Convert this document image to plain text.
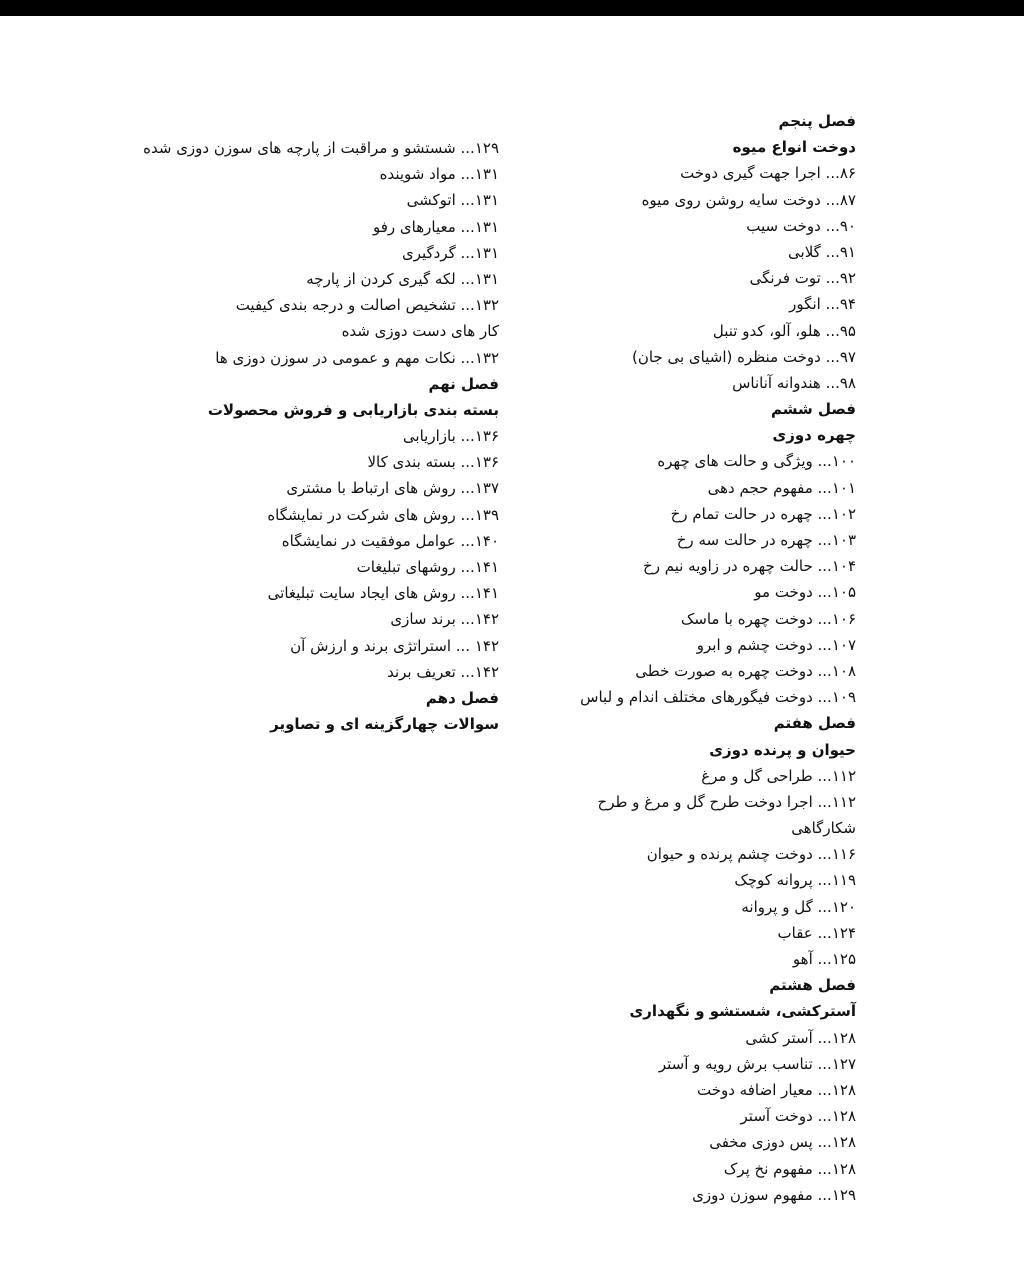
فصل پنجم
دوخت انواع میوه
۸۶... اجرا جهت گیری دوخت
۸۷... دوخت سایه روشن روی میوه
۹۰... دوخت سیب
۹۱... گلابی
۹۲... توت فرنگی
۹۴... انگور
۹۵... هلو، آلو، کدو تنبل
۹۷... دوخت منظره (اشیای بی جان)
۹۸... هندوانه آناناس
فصل ششم
چهره دوزی
۱۰۰... ویژگی و حالت های چهره
۱۰۱... مفهوم حجم دهی
۱۰۲... چهره در حالت تمام رخ
۱۰۳... چهره در حالت سه رخ
۱۰۴... حالت چهره در زاویه نیم رخ
۱۰۵... دوخت مو
۱۰۶... دوخت چهره با ماسک
۱۰۷... دوخت چشم و ابرو
۱۰۸... دوخت چهره به صورت خطی
۱۰۹... دوخت فیگورهای مختلف اندام و لباس
فصل هفتم
حیوان و پرنده دوزی
۱۱۲... طراحی گل و مرغ
۱۱۲... اجرا دوخت طرح گل و مرغ و طرح
شکارگاهی
۱۱۶... دوخت چشم پرنده و حیوان
۱۱۹... پروانه کوچک
۱۲۰... گل و پروانه
۱۲۴... عقاب
۱۲۵... آهو
فصل هشتم
آسترکشی، شستشو و نگهداری
۱۲۸... آستر کشی
۱۲۷... تناسب برش رویه و آستر
۱۲۸... معیار اضافه دوخت
۱۲۸... دوخت آستر
۱۲۸... پس دوزی مخفی
۱۲۸... مفهوم نخ پرک
۱۲۹... مفهوم سوزن دوزی
۱۲۹... شستشو و مراقبت از پارچه های سوزن دوزی شده
۱۳۱... مواد شوینده
۱۳۱... اتوکشی
۱۳۱... معیارهای رفو
۱۳۱... گردگیری
۱۳۱... لکه گیری کردن از پارچه
۱۳۲... تشخیص اصالت و درجه بندی کیفیت
کار های دست دوزی شده
۱۳۲... نکات مهم و عمومی در سوزن دوزی ها
فصل نهم
بسته بندی بازاریابی و فروش محصولات
۱۳۶... بازاریابی
۱۳۶... بسته بندی کالا
۱۳۷... روش های ارتباط با مشتری
۱۳۹... روش های شرکت در نمایشگاه
۱۴۰... عوامل موفقیت در نمایشگاه
۱۴۱... روشهای تبلیغات
۱۴۱... روش های ایجاد سایت تبلیغاتی
۱۴۲... برند سازی
۱۴۲ ... استراتژی برند و ارزش آن
۱۴۲... تعریف برند
فصل دهم
سوالات چهارگزینه ای و تصاویر
